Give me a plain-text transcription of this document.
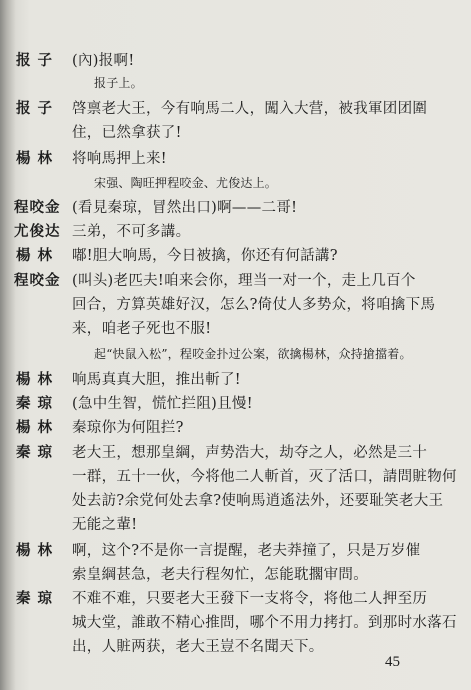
报 子 (內)报啊!
报子上。
报 子 啓禀老大王，今有响馬二人，闖入大营，被我軍团团圍
住，已然拿获了!
楊 林 将响馬押上来!
宋强、陶旺押程咬金、尤俊达上。
程咬金 (看見秦琼，冒然出口)啊——二哥!
尤俊达 三弟，不可多講。
楊 林 嘟!胆大响馬，今日被擒，你还有何話講?
程咬金 (叫头)老匹夫!咱来会你，理当一对一个，走上几百个
回合，方算英雄好汉，怎么?倚仗人多势众，将咱擒下馬
来，咱老子死也不服!
起“快鼠入松”，程咬金扑过公案，欲擒楊林，众持搶擋着。
楊 林 响馬真真大胆，推出斬了!
秦 琼 (急中生智，慌忙拦阻)且慢!
楊 林 秦琼你为何阻拦?
秦 琼 老大王，想那皇綱，声势浩大，劫夺之人，必然是三十
一群，五十一伙，今将他二人斬首，灭了活口，請問賍物何
处去訪?余党何处去拿?使响馬逍遙法外，还要耻笑老大王
无能之輩!
楊 林 啊，这个?不是你一言提醒，老夫莽撞了，只是万岁催
索皇綱甚急，老夫行程匆忙，怎能耽擱审問。
秦 琼 不难不难，只要老大王發下一支将令，将他二人押至历
城大堂，誰敢不精心推問，哪个不用力拷打。到那时水落石
出，人賍两获，老大王豈不名聞天下。
45
